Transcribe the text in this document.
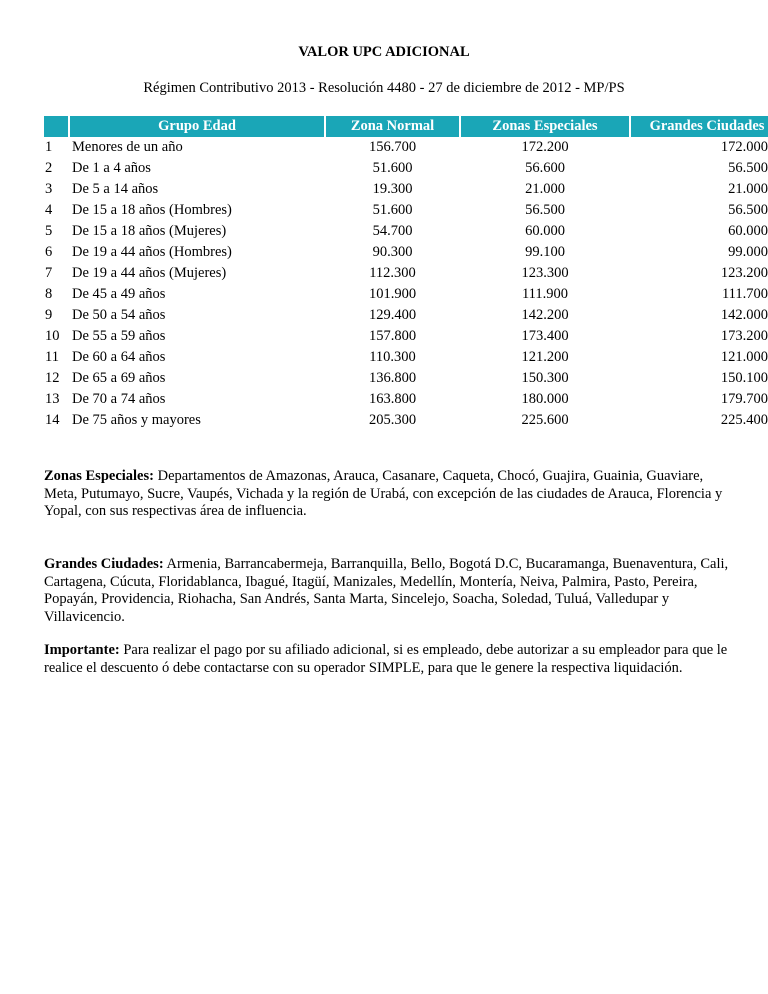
VALOR UPC ADICIONAL
Régimen Contributivo 2013 - Resolución 4480 - 27 de diciembre de 2012 - MP/PS
	Grupo Edad	Zona Normal	Zonas Especiales	Grandes Ciudades
1	Menores de un año	156.700	172.200	172.000
2	De 1 a 4 años	51.600	56.600	56.500
3	De 5 a 14 años	19.300	21.000	21.000
4	De 15 a 18 años (Hombres)	51.600	56.500	56.500
5	De 15 a 18 años (Mujeres)	54.700	60.000	60.000
6	De 19 a 44 años (Hombres)	90.300	99.100	99.000
7	De 19 a 44 años (Mujeres)	112.300	123.300	123.200
8	De 45 a 49 años	101.900	111.900	111.700
9	De 50 a 54 años	129.400	142.200	142.000
10	De 55 a 59 años	157.800	173.400	173.200
11	De 60 a 64 años	110.300	121.200	121.000
12	De 65 a 69 años	136.800	150.300	150.100
13	De 70 a 74 años	163.800	180.000	179.700
14	De 75 años y mayores	205.300	225.600	225.400
Zonas Especiales: Departamentos de Amazonas, Arauca, Casanare, Caqueta, Chocó, Guajira, Guainia, Guaviare, Meta, Putumayo, Sucre, Vaupés, Vichada y la región de Urabá, con excepción de las ciudades de Arauca, Florencia y Yopal, con sus respectivas área de influencia.
Grandes Ciudades: Armenia, Barrancabermeja, Barranquilla, Bello, Bogotá D.C, Bucaramanga, Buenaventura, Cali, Cartagena, Cúcuta, Floridablanca, Ibagué, Itagüí, Manizales, Medellín, Montería, Neiva, Palmira, Pasto, Pereira, Popayán, Providencia, Riohacha, San Andrés, Santa Marta, Sincelejo, Soacha, Soledad, Tuluá, Valledupar y Villavicencio.
Importante: Para realizar el pago por su afiliado adicional, si es empleado, debe autorizar a su empleador para que le realice el descuento ó debe contactarse con su operador SIMPLE, para que le genere la respectiva liquidación.
